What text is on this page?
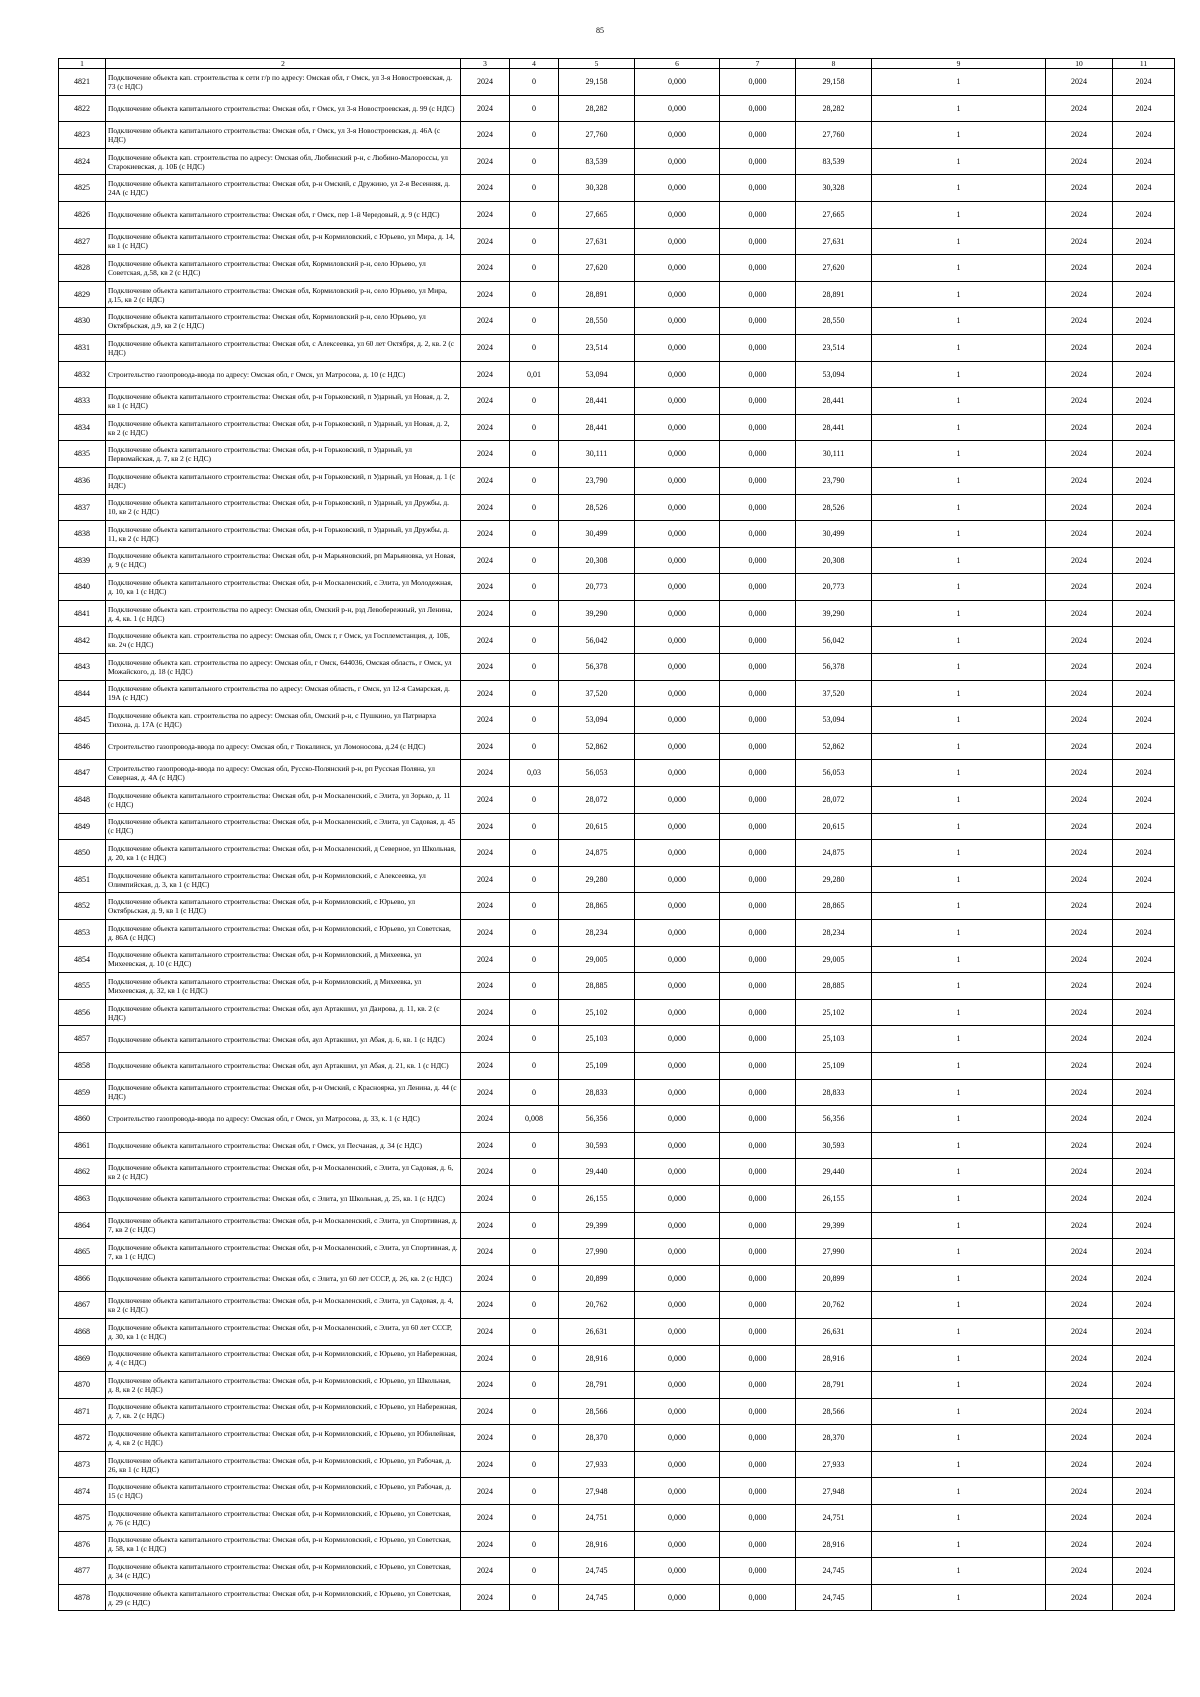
85
1	2	3	4	5	6	7	8	9	10	11
4821	Подключение объекта кап. строительства к сети г/р по адресу: Омская обл, г Омск, ул 3-я Новостроевская, д. 73 (с НДС)	2024	0	29,158	0,000	0,000	29,158	1	2024	2024
4822	Подключение объекта капитального строительства: Омская обл, г Омск, ул 3-я Новостроевская, д. 99 (с НДС)	2024	0	28,282	0,000	0,000	28,282	1	2024	2024
4823	Подключение объекта капитального строительства: Омская обл, г Омск, ул 3-я Новостроевская, д. 46А (с НДС)	2024	0	27,760	0,000	0,000	27,760	1	2024	2024
4824	Подключение объекта кап. строительства по адресу: Омская обл, Любинский р-н, с Любино-Малороссы, ул Старокиевская, д. 10Б (с НДС)	2024	0	83,539	0,000	0,000	83,539	1	2024	2024
4825	Подключение объекта капитального строительства: Омская обл, р-н Омский, с Дружино, ул 2-я Весенняя, д. 24А (с НДС)	2024	0	30,328	0,000	0,000	30,328	1	2024	2024
4826	Подключение объекта капитального строительства: Омская обл, г Омск, пер 1-й Чередовый, д. 9 (с НДС)	2024	0	27,665	0,000	0,000	27,665	1	2024	2024
4827	Подключение объекта капитального строительства: Омская обл, р-н Кормиловский, с Юрьево, ул Мира, д. 14, кв 1 (с НДС)	2024	0	27,631	0,000	0,000	27,631	1	2024	2024
4828	Подключение объекта капитального строительства: Омская обл, Кормиловский р-н, село Юрьево, ул Советская, д.58, кв 2 (с НДС)	2024	0	27,620	0,000	0,000	27,620	1	2024	2024
4829	Подключение объекта капитального строительства: Омская обл, Кормиловский р-н, село Юрьево, ул Мира, д.15, кв 2 (с НДС)	2024	0	28,891	0,000	0,000	28,891	1	2024	2024
4830	Подключение объекта капитального строительства: Омская обл, Кормиловский р-н, село Юрьево, ул Октябрьская, д.9, кв 2 (с НДС)	2024	0	28,550	0,000	0,000	28,550	1	2024	2024
4831	Подключение объекта капитального строительства: Омская обл, с Алексеевка, ул 60 лет Октября, д. 2, кв. 2 (с НДС)	2024	0	23,514	0,000	0,000	23,514	1	2024	2024
4832	Строительство газопровода-ввода по адресу: Омская обл, г Омск, ул Матросова, д. 10 (с НДС)	2024	0,01	53,094	0,000	0,000	53,094	1	2024	2024
4833	Подключение объекта капитального строительства: Омская обл, р-н Горьковский, п Ударный, ул Новая, д. 2, кв 1 (с НДС)	2024	0	28,441	0,000	0,000	28,441	1	2024	2024
4834	Подключение объекта капитального строительства: Омская обл, р-н Горьковский, п Ударный, ул Новая, д. 2, кв 2 (с НДС)	2024	0	28,441	0,000	0,000	28,441	1	2024	2024
4835	Подключение объекта капитального строительства: Омская обл, р-н Горьковский, п Ударный, ул Первомайская, д. 7, кв 2 (с НДС)	2024	0	30,111	0,000	0,000	30,111	1	2024	2024
4836	Подключение объекта капитального строительства: Омская обл, р-н Горьковский, п Ударный, ул Новая, д. 1 (с НДС)	2024	0	23,790	0,000	0,000	23,790	1	2024	2024
4837	Подключение объекта капитального строительства: Омская обл, р-н Горьковский, п Ударный, ул Дружбы, д. 10, кв 2 (с НДС)	2024	0	28,526	0,000	0,000	28,526	1	2024	2024
4838	Подключение объекта капитального строительства: Омская обл, р-н Горьковский, п Ударный, ул Дружбы, д. 11, кв 2 (с НДС)	2024	0	30,499	0,000	0,000	30,499	1	2024	2024
4839	Подключение объекта капитального строительства: Омская обл, р-н Марьяновский, рп Марьяновка, ул Новая, д. 9 (с НДС)	2024	0	20,308	0,000	0,000	20,308	1	2024	2024
4840	Подключение объекта капитального строительства: Омская обл, р-н Москаленский, с Элита, ул Молодежная, д. 10, кв 1 (с НДС)	2024	0	20,773	0,000	0,000	20,773	1	2024	2024
4841	Подключение объекта кап. строительства по адресу: Омская обл, Омский р-н, рзд Левобережный, ул Ленина, д. 4, кв. 1 (с НДС)	2024	0	39,290	0,000	0,000	39,290	1	2024	2024
4842	Подключение объекта кап. строительства по адресу: Омская обл, Омск г, г Омск, ул Госплемстанция, д. 10Б, кв. 2ч (с НДС)	2024	0	56,042	0,000	0,000	56,042	1	2024	2024
4843	Подключение объекта кап. строительства по адресу: Омская обл, г Омск, 644036, Омская область, г Омск, ул Можайского, д. 18 (с НДС)	2024	0	56,378	0,000	0,000	56,378	1	2024	2024
4844	Подключение объекта капитального строительства по адресу: Омская область, г Омск, ул 12-я Самарская, д. 19А (с НДС)	2024	0	37,520	0,000	0,000	37,520	1	2024	2024
4845	Подключение объекта кап. строительства по адресу: Омская обл, Омский р-н, с Пушкино, ул Патриарха Тихона, д. 17А (с НДС)	2024	0	53,094	0,000	0,000	53,094	1	2024	2024
4846	Строительство газопровода-ввода по адресу: Омская обл, г Тюкалинск, ул Ломоносова, д.24 (с НДС)	2024	0	52,862	0,000	0,000	52,862	1	2024	2024
4847	Строительство газопровода-ввода по адресу: Омская обл, Русско-Полянский р-н, рп Русская Поляна, ул Северная, д. 4А (с НДС)	2024	0,03	56,053	0,000	0,000	56,053	1	2024	2024
4848	Подключение объекта капитального строительства: Омская обл, р-н Москаленский, с Элита, ул Зорько, д. 11 (с НДС)	2024	0	28,072	0,000	0,000	28,072	1	2024	2024
4849	Подключение объекта капитального строительства: Омская обл, р-н Москаленский, с Элита, ул Садовая, д. 45 (с НДС)	2024	0	20,615	0,000	0,000	20,615	1	2024	2024
4850	Подключение объекта капитального строительства: Омская обл, р-н Москаленский, д Северное, ул Школьная, д. 20, кв 1 (с НДС)	2024	0	24,875	0,000	0,000	24,875	1	2024	2024
4851	Подключение объекта капитального строительства: Омская обл, р-н Кормиловский, с Алексеевка, ул Олимпийская, д. 3, кв 1 (с НДС)	2024	0	29,280	0,000	0,000	29,280	1	2024	2024
4852	Подключение объекта капитального строительства: Омская обл, р-н Кормиловский, с Юрьево, ул Октябрьская, д. 9, кв 1 (с НДС)	2024	0	28,865	0,000	0,000	28,865	1	2024	2024
4853	Подключение объекта капитального строительства: Омская обл, р-н Кормиловский, с Юрьево, ул Советская, д. 86А (с НДС)	2024	0	28,234	0,000	0,000	28,234	1	2024	2024
4854	Подключение объекта капитального строительства: Омская обл, р-н Кормиловский, д Михеевка, ул Михеевская, д. 10 (с НДС)	2024	0	29,005	0,000	0,000	29,005	1	2024	2024
4855	Подключение объекта капитального строительства: Омская обл, р-н Кормиловский, д Михеевка, ул Михеевская, д. 32, кв 1 (с НДС)	2024	0	28,885	0,000	0,000	28,885	1	2024	2024
4856	Подключение объекта капитального строительства: Омская обл, аул Артакшил, ул Даирова, д. 11, кв. 2 (с НДС)	2024	0	25,102	0,000	0,000	25,102	1	2024	2024
4857	Подключение объекта капитального строительства: Омская обл, аул Артакшил, ул Абая, д. 6, кв. 1 (с НДС)	2024	0	25,103	0,000	0,000	25,103	1	2024	2024
4858	Подключение объекта капитального строительства: Омская обл, аул Артакшил, ул Абая, д. 21, кв. 1 (с НДС)	2024	0	25,109	0,000	0,000	25,109	1	2024	2024
4859	Подключение объекта капитального строительства: Омская обл, р-н Омский, с Красноярка, ул Ленина, д. 44 (с НДС)	2024	0	28,833	0,000	0,000	28,833	1	2024	2024
4860	Строительство газопровода-ввода по адресу: Омская обл, г Омск, ул Матросова, д. 33, к. 1 (с НДС)	2024	0,008	56,356	0,000	0,000	56,356	1	2024	2024
4861	Подключение объекта капитального строительства: Омская обл, г Омск, ул Песчаная, д. 34 (с НДС)	2024	0	30,593	0,000	0,000	30,593	1	2024	2024
4862	Подключение объекта капитального строительства: Омская обл, р-н Москаленский, с Элита, ул Садовая, д. 6, кв 2 (с НДС)	2024	0	29,440	0,000	0,000	29,440	1	2024	2024
4863	Подключение объекта капитального строительства: Омская обл, с Элита, ул Школьная, д. 25, кв. 1 (с НДС)	2024	0	26,155	0,000	0,000	26,155	1	2024	2024
4864	Подключение объекта капитального строительства: Омская обл, р-н Москаленский, с Элита, ул Спортивная, д. 7, кв 2 (с НДС)	2024	0	29,399	0,000	0,000	29,399	1	2024	2024
4865	Подключение объекта капитального строительства: Омская обл, р-н Москаленский, с Элита, ул Спортивная, д. 7, кв 1 (с НДС)	2024	0	27,990	0,000	0,000	27,990	1	2024	2024
4866	Подключение объекта капитального строительства: Омская обл, с Элита, ул 60 лет СССР, д. 26, кв. 2 (с НДС)	2024	0	20,899	0,000	0,000	20,899	1	2024	2024
4867	Подключение объекта капитального строительства: Омская обл, р-н Москаленский, с Элита, ул Садовая, д. 4, кв 2 (с НДС)	2024	0	20,762	0,000	0,000	20,762	1	2024	2024
4868	Подключение объекта капитального строительства: Омская обл, р-н Москаленский, с Элита, ул 60 лет СССР, д. 30, кв 1 (с НДС)	2024	0	26,631	0,000	0,000	26,631	1	2024	2024
4869	Подключение объекта капитального строительства: Омская обл, р-н Кормиловский, с Юрьево, ул Набережная, д. 4 (с НДС)	2024	0	28,916	0,000	0,000	28,916	1	2024	2024
4870	Подключение объекта капитального строительства: Омская обл, р-н Кормиловский, с Юрьево, ул Школьная, д. 8, кв 2 (с НДС)	2024	0	28,791	0,000	0,000	28,791	1	2024	2024
4871	Подключение объекта капитального строительства: Омская обл, р-н Кормиловский, с Юрьево, ул Набережная, д. 7, кв. 2 (с НДС)	2024	0	28,566	0,000	0,000	28,566	1	2024	2024
4872	Подключение объекта капитального строительства: Омская обл, р-н Кормиловский, с Юрьево, ул Юбилейная, д. 4, кв 2 (с НДС)	2024	0	28,370	0,000	0,000	28,370	1	2024	2024
4873	Подключение объекта капитального строительства: Омская обл, р-н Кормиловский, с Юрьево, ул Рабочая, д. 26, кв 1 (с НДС)	2024	0	27,933	0,000	0,000	27,933	1	2024	2024
4874	Подключение объекта капитального строительства: Омская обл, р-н Кормиловский, с Юрьево, ул Рабочая, д. 15 (с НДС)	2024	0	27,948	0,000	0,000	27,948	1	2024	2024
4875	Подключение объекта капитального строительства: Омская обл, р-н Кормиловский, с Юрьево, ул Советская, д. 76 (с НДС)	2024	0	24,751	0,000	0,000	24,751	1	2024	2024
4876	Подключение объекта капитального строительства: Омская обл, р-н Кормиловский, с Юрьево, ул Советская, д. 58, кв 1 (с НДС)	2024	0	28,916	0,000	0,000	28,916	1	2024	2024
4877	Подключение объекта капитального строительства: Омская обл, р-н Кормиловский, с Юрьево, ул Советская, д. 34 (с НДС)	2024	0	24,745	0,000	0,000	24,745	1	2024	2024
4878	Подключение объекта капитального строительства: Омская обл, р-н Кормиловский, с Юрьево, ул Советская, д. 29 (с НДС)	2024	0	24,745	0,000	0,000	24,745	1	2024	2024
